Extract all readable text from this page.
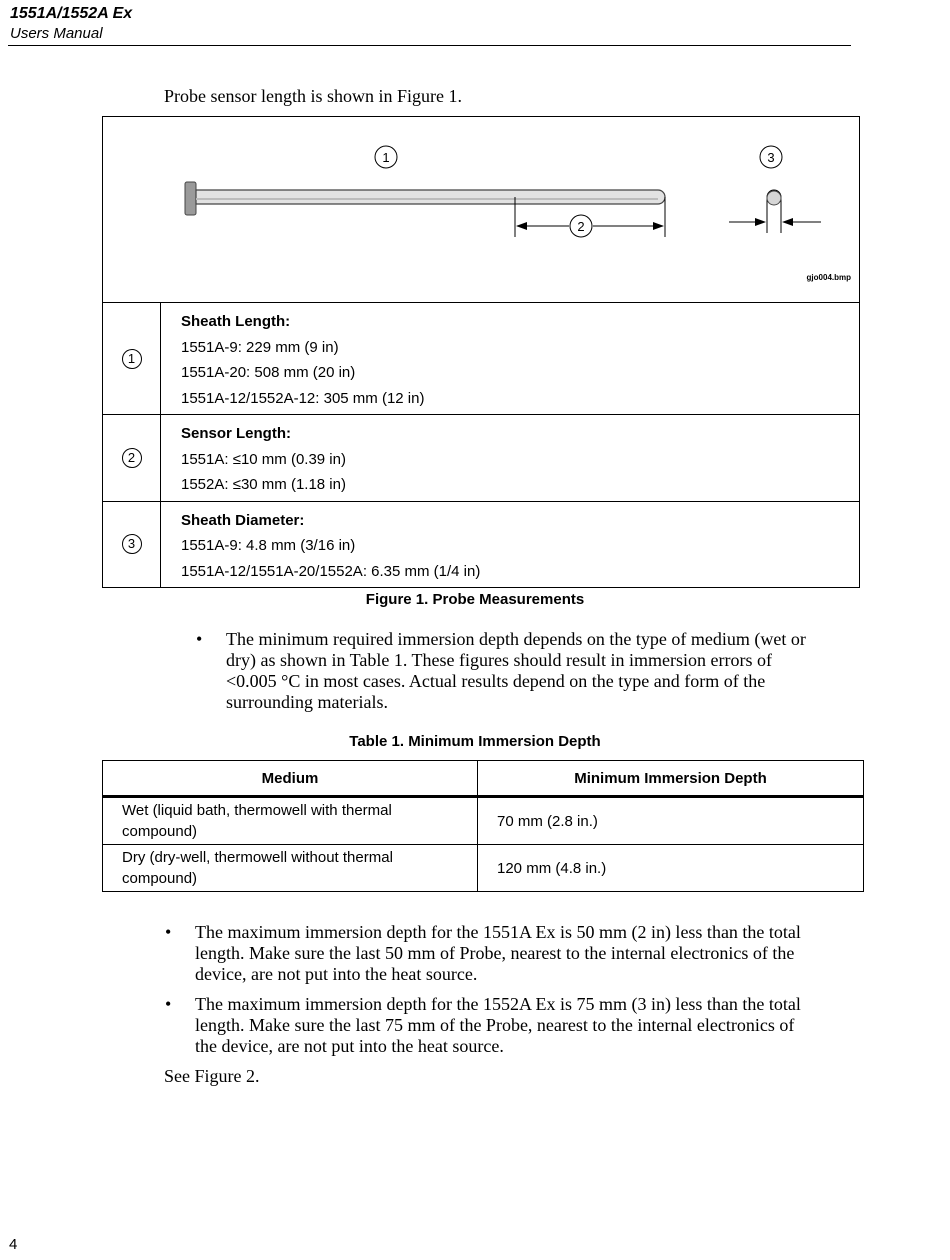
1551A/1552A Ex
Users Manual
Probe sensor length is shown in Figure 1.
1
2
3
gjo004.bmp
1	Sheath Length:
1551A-9: 229 mm (9 in)
1551A-20: 508 mm (20 in)
1551A-12/1552A-12: 305 mm (12 in)

2	Sensor Length:
1551A: ≤10 mm (0.39 in)
1552A: ≤30 mm (1.18 in)

3	Sheath Diameter:
1551A-9: 4.8 mm (3/16 in)
1551A-12/1551A-20/1552A: 6.35 mm (1/4 in)
Figure 1. Probe Measurements
• The minimum required immersion depth depends on the type of medium (wet or
dry) as shown in Table 1. These figures should result in immersion errors of
<0.005 °C in most cases. Actual results depend on the type and form of the
surrounding materials.
Table 1. Minimum Immersion Depth
Medium	Minimum Immersion Depth

Wet (liquid bath, thermowell with thermal
compound)	70 mm (2.8 in.)

Dry (dry-well, thermowell without thermal
compound)	120 mm (4.8 in.)
• The maximum immersion depth for the 1551A Ex is 50 mm (2 in) less than the total
length. Make sure the last 50 mm of Probe, nearest to the internal electronics of the
device, are not put into the heat source.
• The maximum immersion depth for the 1552A Ex is 75 mm (3 in) less than the total
length. Make sure the last 75 mm of the Probe, nearest to the internal electronics of
the device, are not put into the heat source.
See Figure 2.
4
